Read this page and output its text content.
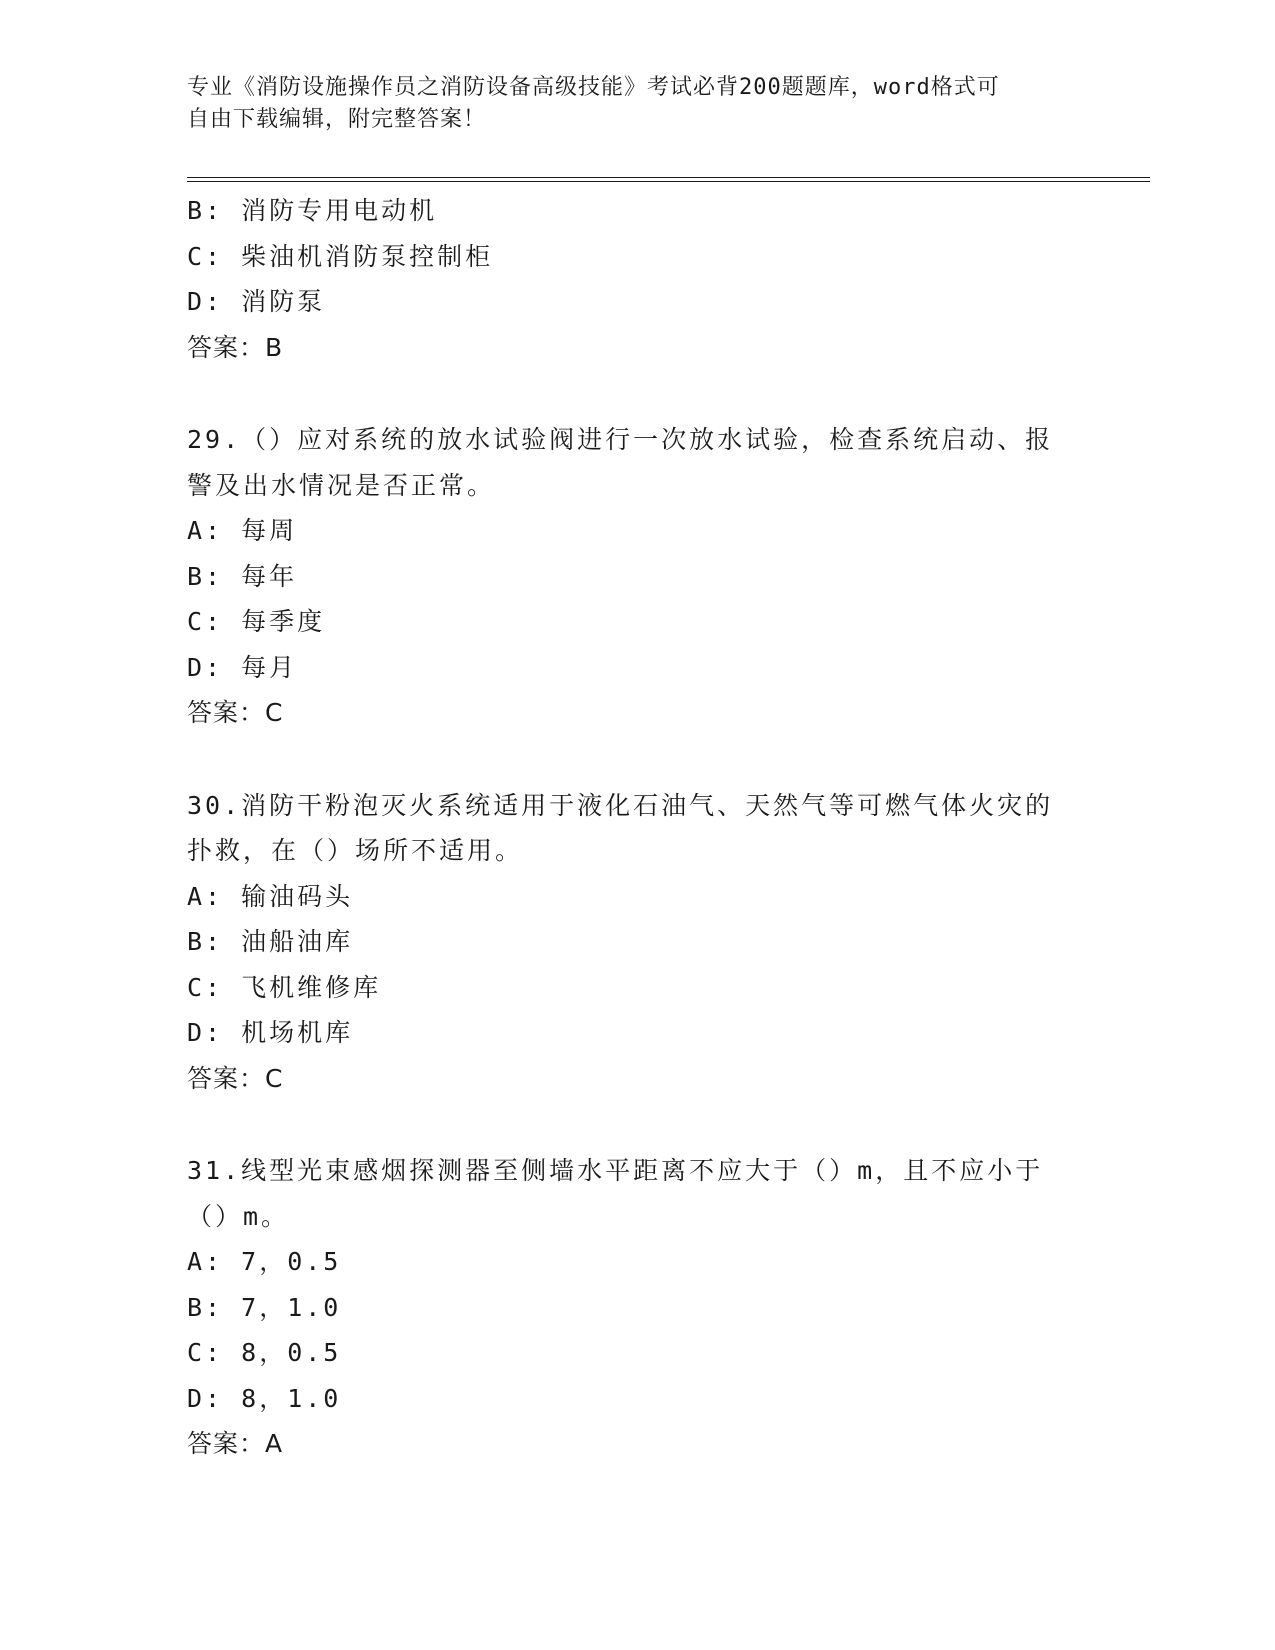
专业《消防设施操作员之消防设备高级技能》考试必背200题题库，word格式可
自由下载编辑，附完整答案！
B: 消防专用电动机
C: 柴油机消防泵控制柜
D: 消防泵
答案：B
29.（）应对系统的放水试验阀进行一次放水试验，检查系统启动、报
警及出水情况是否正常。
A: 每周
B: 每年
C: 每季度
D: 每月
答案：C
30.消防干粉泡灭火系统适用于液化石油气、天然气等可燃气体火灾的
扑救，在（）场所不适用。
A: 输油码头
B: 油船油库
C: 飞机维修库
D: 机场机库
答案：C
31.线型光束感烟探测器至侧墙水平距离不应大于（）m，且不应小于
（）m。
A: 7，0.5
B: 7，1.0
C: 8，0.5
D: 8，1.0
答案：A
